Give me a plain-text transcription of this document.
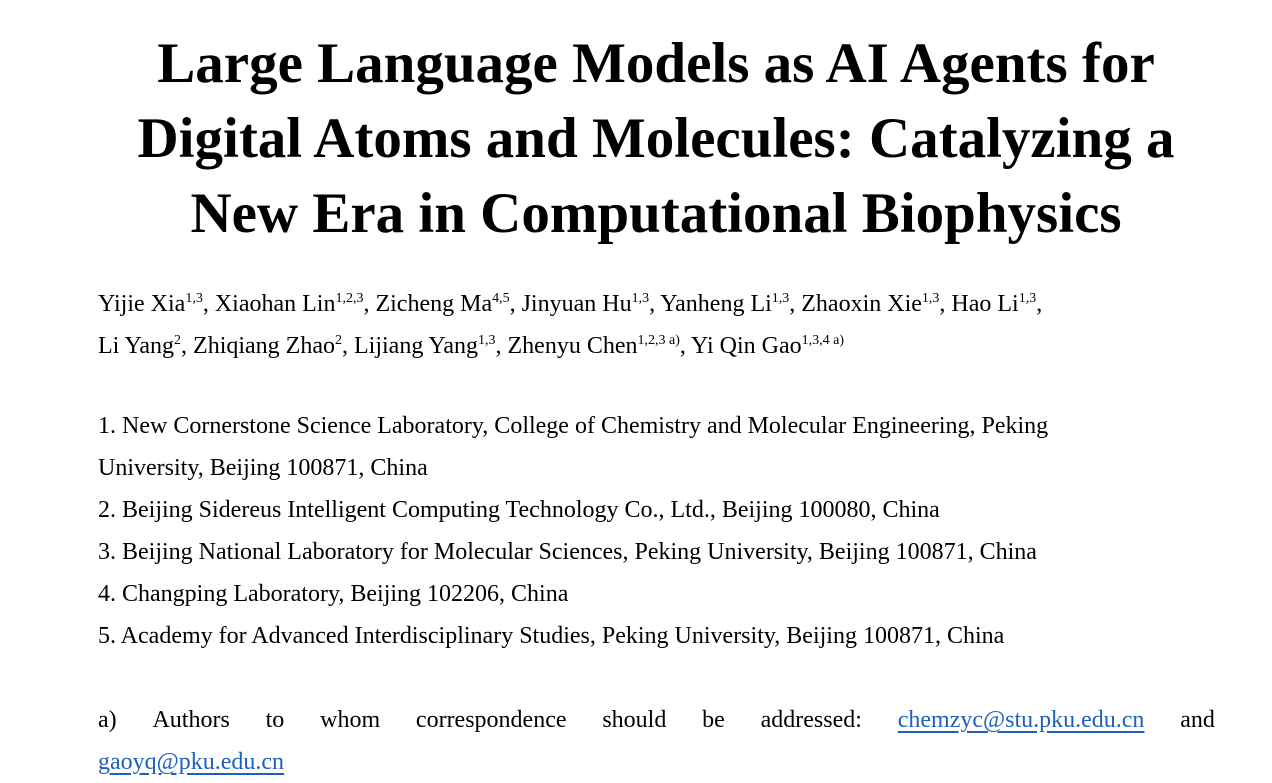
Large Language Models as AI Agents for
Digital Atoms and Molecules: Catalyzing a
New Era in Computational Biophysics
Yijie Xia$^{1,3}$, Xiaohan Lin$^{1,2,3}$, Zicheng Ma$^{4,5}$, Jinyuan Hu$^{1,3}$, Yanheng Li$^{1,3}$, Zhaoxin Xie$^{1,3}$, Hao Li$^{1,3}$,
Li Yang$^2$, Zhiqiang Zhao$^2$, Lijiang Yang$^{1,3}$, Zhenyu Chen$^{1,2,3 a)}$, Yi Qin Gao$^{1,3,4 a)}$
1. New Cornerstone Science Laboratory, College of Chemistry and Molecular Engineering, Peking
University, Beijing 100871, China
2. Beijing Sidereus Intelligent Computing Technology Co., Ltd., Beijing 100080, China
3. Beijing National Laboratory for Molecular Sciences, Peking University, Beijing 100871, China
4. Changping Laboratory, Beijing 102206, China
5. Academy for Advanced Interdisciplinary Studies, Peking University, Beijing 100871, China
a) Authors to whom correspondence should be addressed: chemzyc@stu.pku.edu.cn and
gaoyq@pku.edu.cn
